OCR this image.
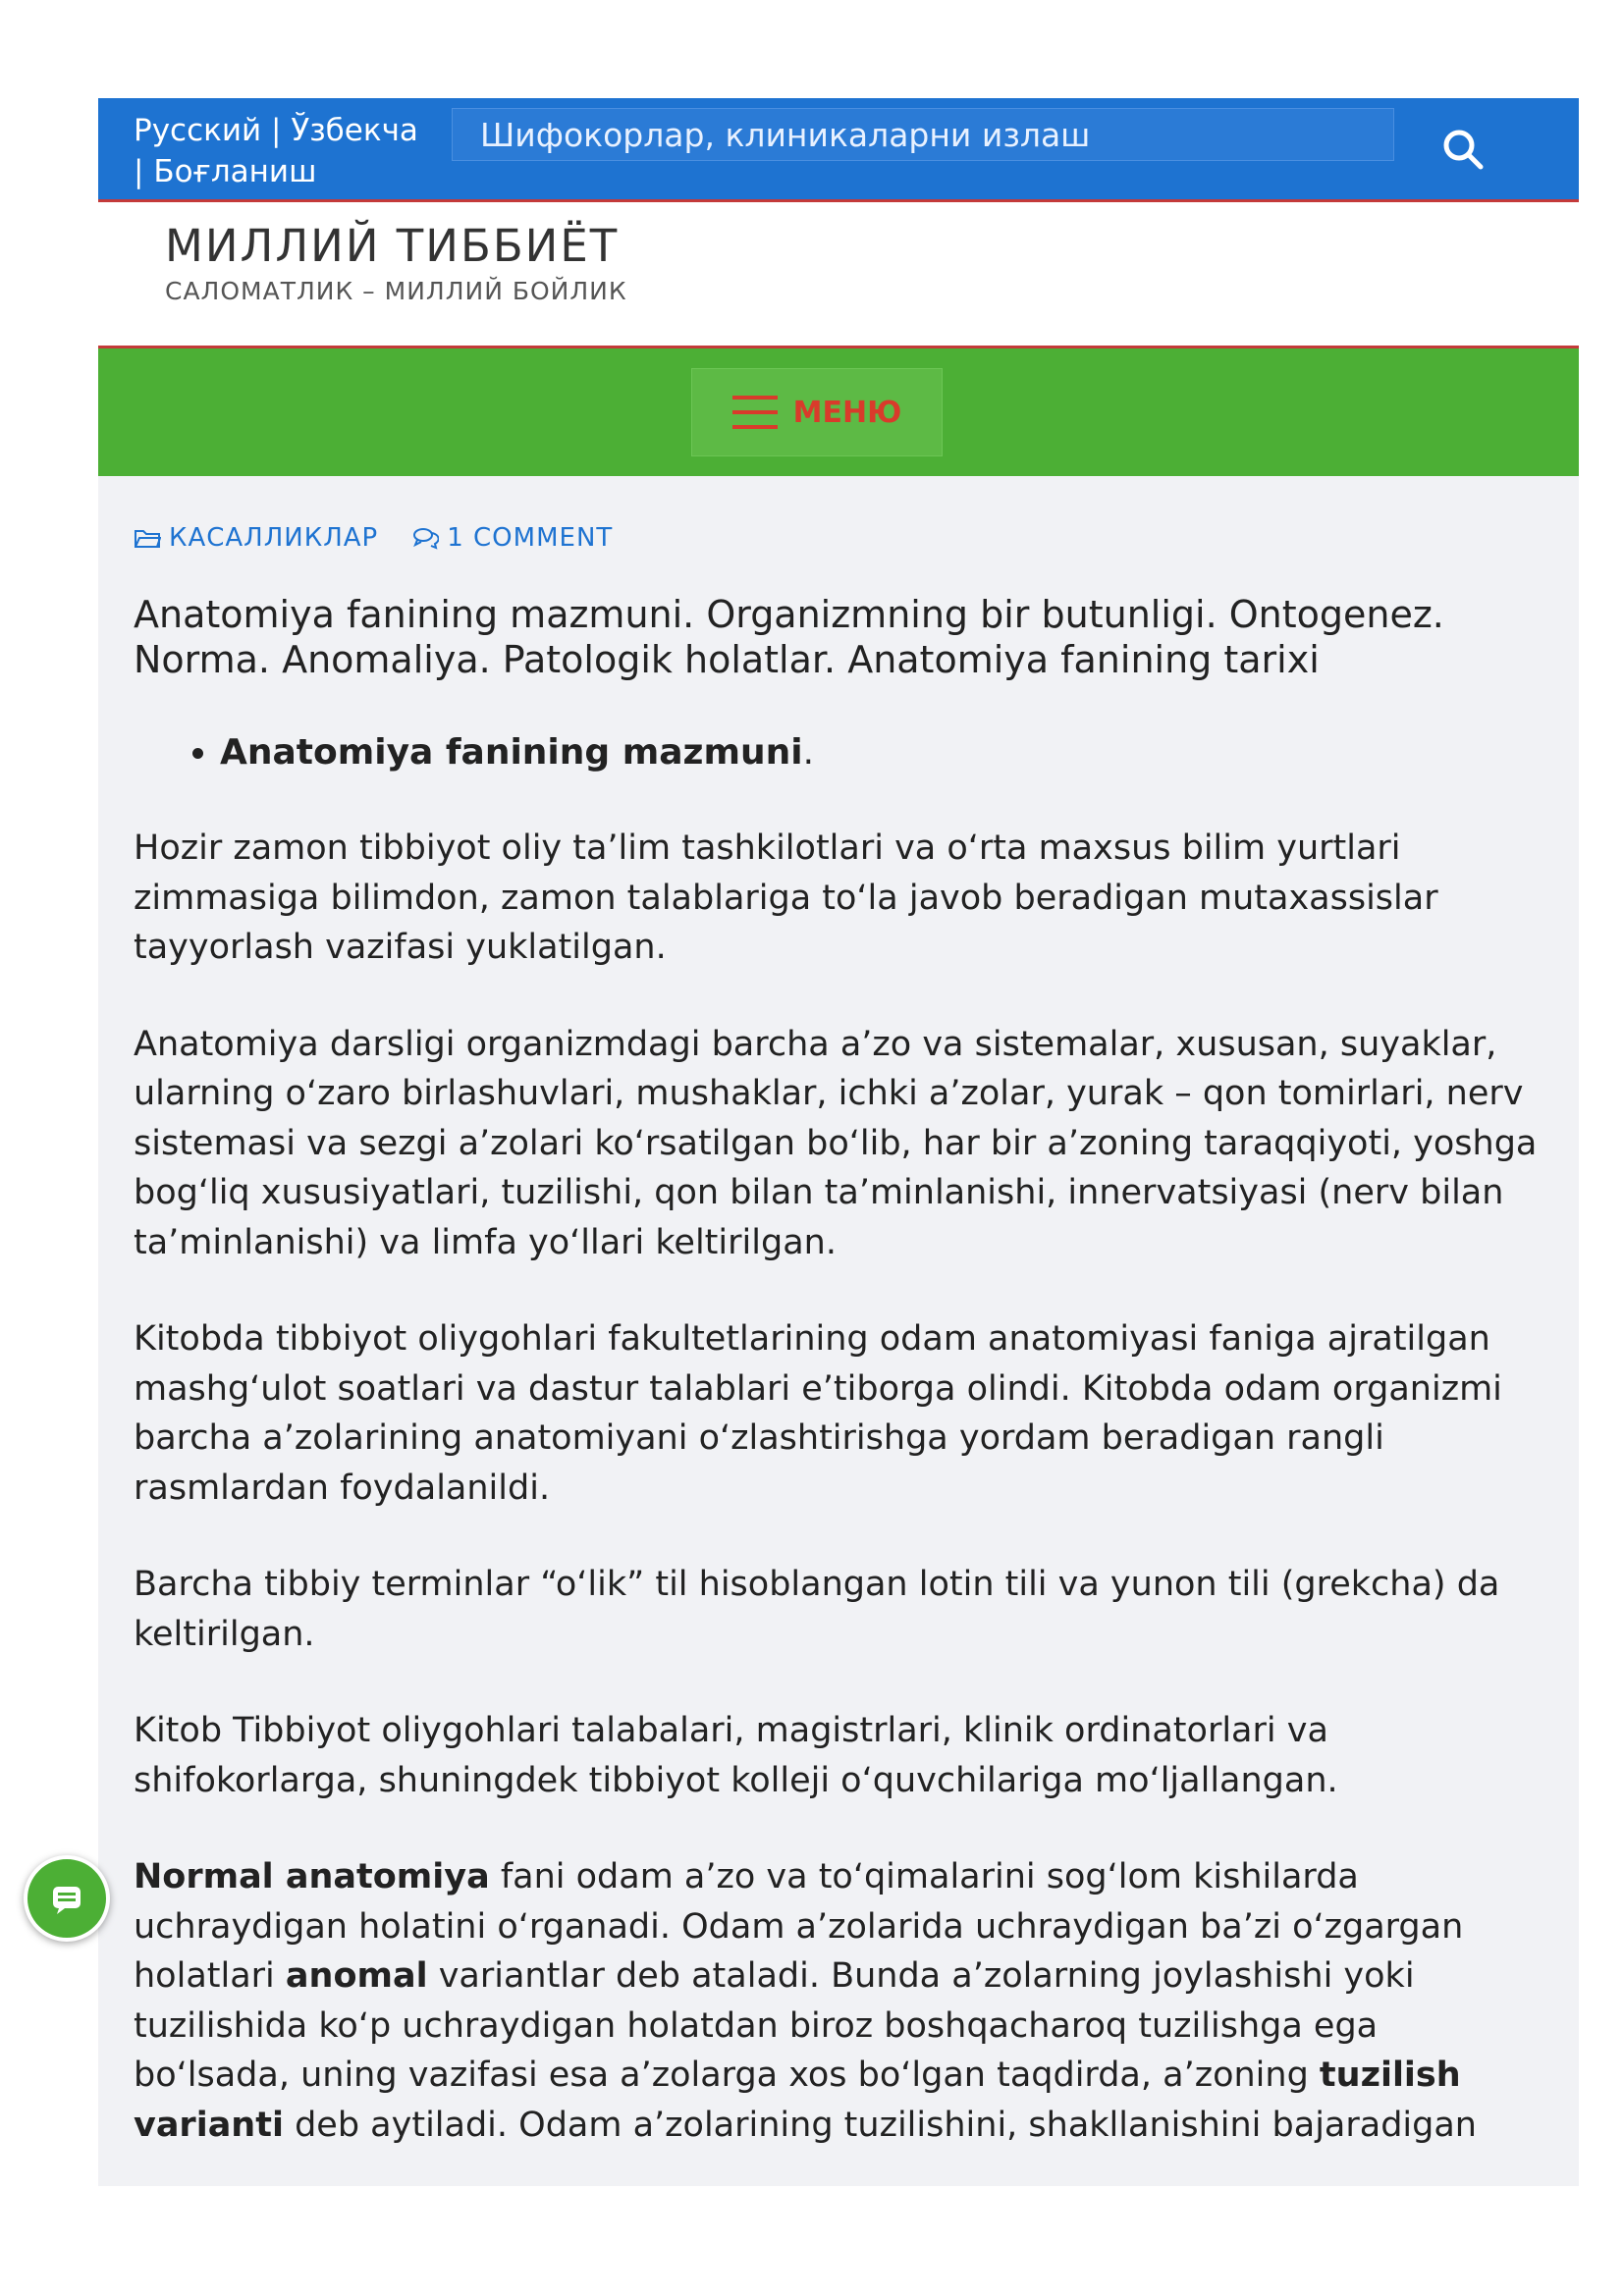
Русский | Ўзбекча
| Боғланиш
Шифокорлар, клиникаларни излаш
МИЛЛИЙ ТИББИЁТ
САЛОМАТЛИК – МИЛЛИЙ БОЙЛИК
МЕНЮ
КАСАЛЛИКЛАР	1 COMMENT
Anatomiya fanining mazmuni. Organizmning bir butunligi. Ontogenez. Norma. Anomaliya. Patologik holatlar. Anatomiya fanining tarixi
• Anatomiya fanining mazmuni.

Hozir zamon tibbiyot oliy ta’lim tashkilotlari va o‘rta maxsus bilim yurtlari zimmasiga bilimdon, zamon talablariga to‘la javob beradigan mutaxassislar tayyorlash vazifasi yuklatilgan.

Anatomiya darsligi organizmdagi barcha a’zo va sistemalar, xususan, suyaklar, ularning o‘zaro birlashuvlari, mushaklar, ichki a’zolar, yurak – qon tomirlari, nerv sistemasi va sezgi a’zolari ko‘rsatilgan bo‘lib, har bir a’zoning taraqqiyoti, yoshga bog‘liq xususiyatlari, tuzilishi, qon bilan ta’minlanishi, innervatsiyasi (nerv bilan ta’minlanishi) va limfa yo‘llari keltirilgan.

Kitobda tibbiyot oliygohlari fakultetlarining odam anatomiyasi faniga ajratilgan mashg‘ulot soatlari va dastur talablari e’tiborga olindi. Kitobda odam organizmi barcha a’zolarining anatomiyani o‘zlashtirishga yordam beradigan rangli rasmlardan foydalanildi.

Barcha tibbiy terminlar “o‘lik” til hisoblangan lotin tili va yunon tili (grekcha) da keltirilgan.

Kitob Tibbiyot oliygohlari talabalari, magistrlari, klinik ordinatorlari va shifokorlarga, shuningdek tibbiyot kolleji o‘quvchilariga mo‘ljallangan.

Normal anatomiya fani odam a’zo va to‘qimalarini sog‘lom kishilarda uchraydigan holatini o‘rganadi. Odam a’zolarida uchraydigan ba’zi o‘zgargan holatlari anomal variantlar deb ataladi. Bunda a’zolarning joylashishi yoki tuzilishida ko‘p uchraydigan holatdan biroz boshqacharoq tuzilishga ega bo‘lsada, uning vazifasi esa a’zolarga xos bo‘lgan taqdirda, a’zoning tuzilish varianti deb aytiladi. Odam a’zolarining tuzilishini, shakllanishini bajaradigan
